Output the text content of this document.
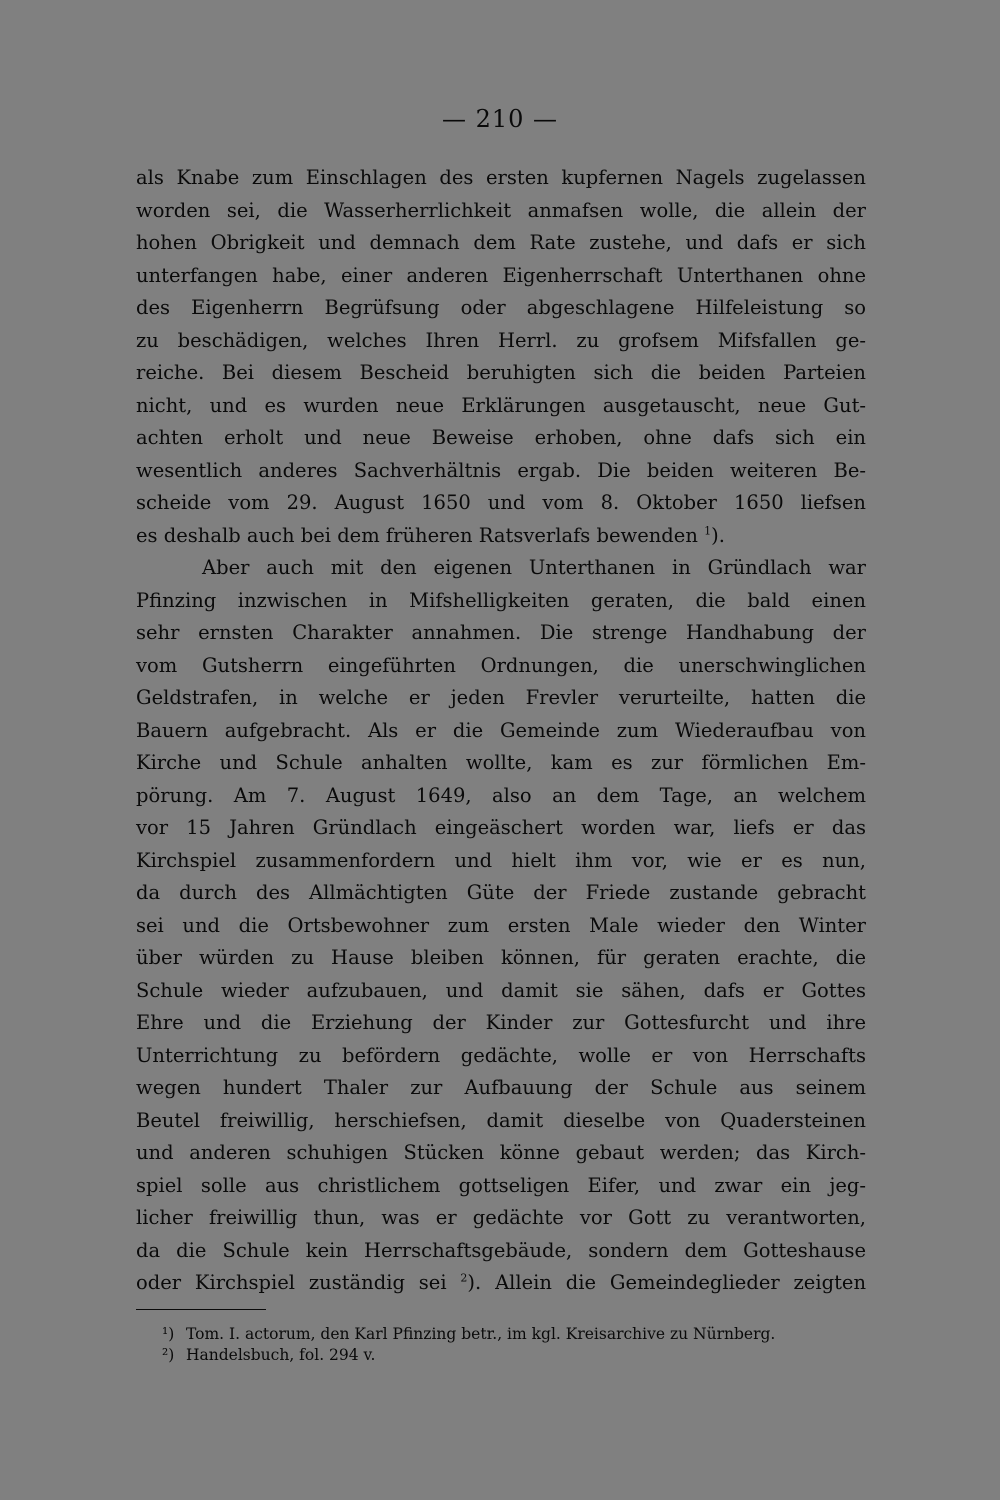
— 210 —
als Knabe zum Einschlagen des ersten kupfernen Nagels zugelassen
worden sei, die Wasserherrlichkeit anmafsen wolle, die allein der
hohen Obrigkeit und demnach dem Rate zustehe, und dafs er sich
unterfangen habe, einer anderen Eigenherrschaft Unterthanen ohne
des Eigenherrn Begrüfsung oder abgeschlagene Hilfeleistung so
zu beschädigen, welches Ihren Herrl. zu grofsem Mifsfallen ge-
reiche. Bei diesem Bescheid beruhigten sich die beiden Parteien
nicht, und es wurden neue Erklärungen ausgetauscht, neue Gut-
achten erholt und neue Beweise erhoben, ohne dafs sich ein
wesentlich anderes Sachverhältnis ergab. Die beiden weiteren Be-
scheide vom 29. August 1650 und vom 8. Oktober 1650 liefsen
es deshalb auch bei dem früheren Ratsverlafs bewenden $^1$).
Aber auch mit den eigenen Unterthanen in Gründlach war
Pfinzing inzwischen in Mifshelligkeiten geraten, die bald einen
sehr ernsten Charakter annahmen. Die strenge Handhabung der
vom Gutsherrn eingeführten Ordnungen, die unerschwinglichen
Geldstrafen, in welche er jeden Frevler verurteilte, hatten die
Bauern aufgebracht. Als er die Gemeinde zum Wiederaufbau von
Kirche und Schule anhalten wollte, kam es zur förmlichen Em-
pörung. Am 7. August 1649, also an dem Tage, an welchem
vor 15 Jahren Gründlach eingeäschert worden war, liefs er das
Kirchspiel zusammenfordern und hielt ihm vor, wie er es nun,
da durch des Allmächtigten Güte der Friede zustande gebracht
sei und die Ortsbewohner zum ersten Male wieder den Winter
über würden zu Hause bleiben können, für geraten erachte, die
Schule wieder aufzubauen, und damit sie sähen, dafs er Gottes
Ehre und die Erziehung der Kinder zur Gottesfurcht und ihre
Unterrichtung zu befördern gedächte, wolle er von Herrschafts
wegen hundert Thaler zur Aufbauung der Schule aus seinem
Beutel freiwillig, herschiefsen, damit dieselbe von Quadersteinen
und anderen schuhigen Stücken könne gebaut werden; das Kirch-
spiel solle aus christlichem gottseligen Eifer, und zwar ein jeg-
licher freiwillig thun, was er gedächte vor Gott zu verantworten,
da die Schule kein Herrschaftsgebäude, sondern dem Gotteshause
oder Kirchspiel zuständig sei $^2$). Allein die Gemeindeglieder zeigten
¹) Tom. I. actorum, den Karl Pfinzing betr., im kgl. Kreisarchive zu Nürnberg.
²) Handelsbuch, fol. 294 v.
